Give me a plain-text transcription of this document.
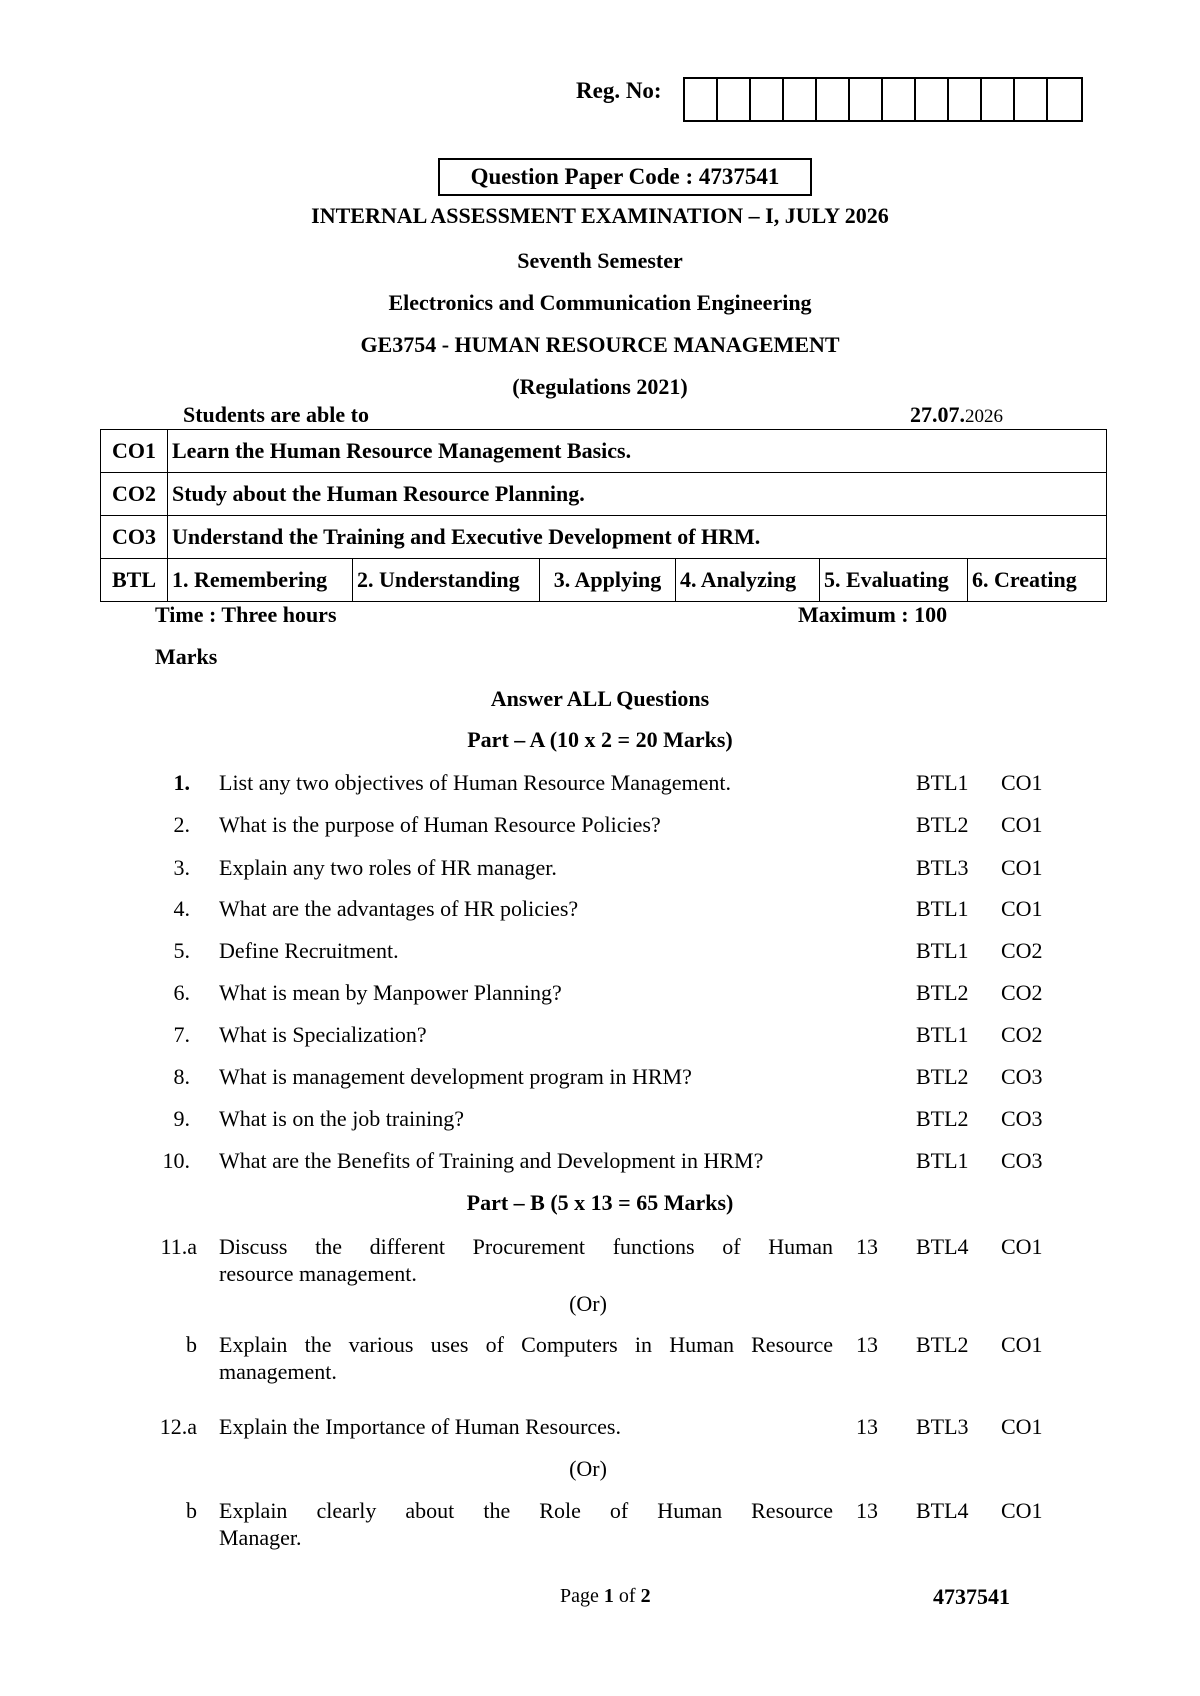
Reg. No:
Question Paper Code : 4737541
INTERNAL ASSESSMENT EXAMINATION – I, JULY 2026
Seventh Semester
Electronics and Communication Engineering
GE3754 - HUMAN RESOURCE MANAGEMENT
(Regulations 2021)
Students are able to	27.07.2026
CO1	Learn the Human Resource Management Basics.					
CO2	Study about the Human Resource Planning.					
CO3	Understand the Training and Executive Development of HRM.					
BTL	1. Remembering	2. Understanding	3. Applying	4. Analyzing	5. Evaluating	6. Creating
Time : Three hours	Maximum : 100
Marks
Answer ALL Questions
Part – A (10 x 2 = 20 Marks)
1. List any two objectives of Human Resource Management.	BTL1 CO1
2. What is the purpose of Human Resource Policies?	BTL2 CO1
3. Explain any two roles of HR manager.	BTL3 CO1
4. What are the advantages of HR policies?	BTL1 CO1
5. Define Recruitment.	BTL1 CO2
6. What is mean by Manpower Planning?	BTL2 CO2
7. What is Specialization?	BTL1 CO2
8. What is management development program in HRM?	BTL2 CO3
9. What is on the job training?	BTL2 CO3
10. What are the Benefits of Training and Development in HRM?	BTL1 CO3
Part – B (5 x 13 = 65 Marks)
11.a Discuss the different Procurement functions of Human
resource management.
13 BTL4 CO1
(Or)
b Explain the various uses of Computers in Human Resource
management.
13 BTL2 CO1
12.a Explain the Importance of Human Resources.	13 BTL3 CO1
(Or)
b Explain clearly about the Role of Human Resource
Manager.
13 BTL4 CO1
Page 1 of 2	4737541
